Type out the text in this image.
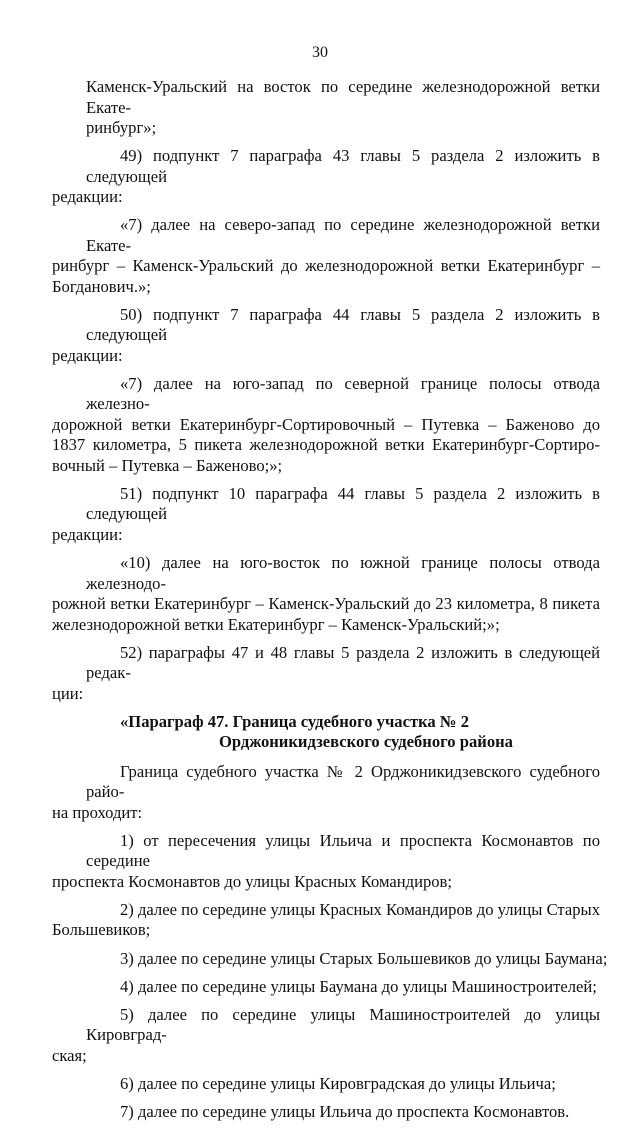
30
Каменск-Уральский на восток по середине железнодорожной ветки Екате-
ринбург»;
49) подпункт 7 параграфа 43 главы 5 раздела 2 изложить в следующей
редакции:
«7) далее на северо-запад по середине железнодорожной ветки Екате-
ринбург – Каменск-Уральский до железнодорожной ветки Екатеринбург –
Богданович.»;
50) подпункт 7 параграфа 44 главы 5 раздела 2 изложить в следующей
редакции:
«7) далее на юго-запад по северной границе полосы отвода железно-
дорожной ветки Екатеринбург-Сортировочный – Путевка – Баженово до
1837 километра, 5 пикета железнодорожной ветки Екатеринбург-Сортиро-
вочный – Путевка – Баженово;»;
51) подпункт 10 параграфа 44 главы 5 раздела 2 изложить в следующей
редакции:
«10) далее на юго-восток по южной границе полосы отвода железнодо-
рожной ветки Екатеринбург – Каменск-Уральский до 23 километра, 8 пикета
железнодорожной ветки Екатеринбург – Каменск-Уральский;»;
52) параграфы 47 и 48 главы 5 раздела 2 изложить в следующей редак-
ции:
«Параграф 47. Граница судебного участка № 2
Орджоникидзевского судебного района
Граница судебного участка № 2 Орджоникидзевского судебного райо-
на проходит:
1) от пересечения улицы Ильича и проспекта Космонавтов по середине
проспекта Космонавтов до улицы Красных Командиров;
2) далее по середине улицы Красных Командиров до улицы Старых
Большевиков;
3) далее по середине улицы Старых Большевиков до улицы Баумана;
4) далее по середине улицы Баумана до улицы Машиностроителей;
5) далее по середине улицы Машиностроителей до улицы Кировград-
ская;
6) далее по середине улицы Кировградская до улицы Ильича;
7) далее по середине улицы Ильича до проспекта Космонавтов.
